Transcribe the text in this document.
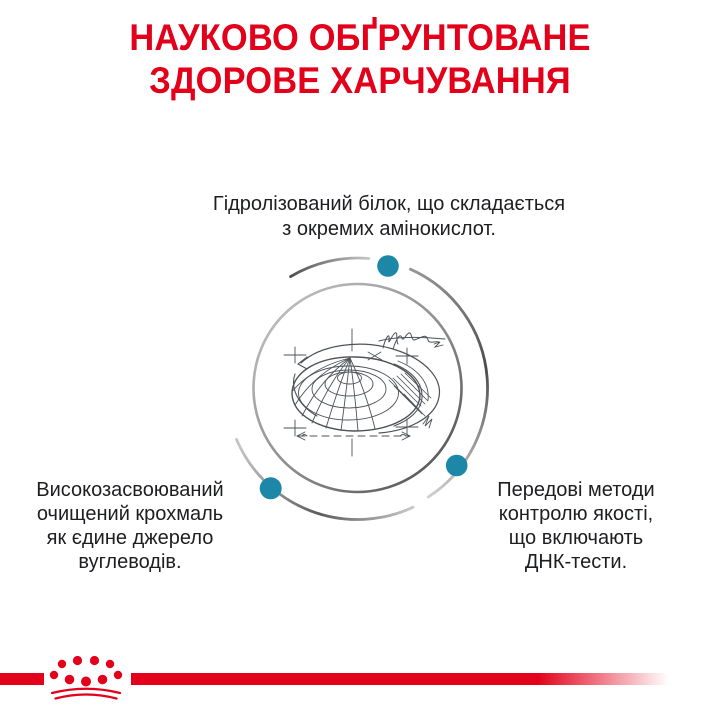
НАУКОВО ОБҐРУНТОВАНЕ
ЗДОРОВЕ ХАРЧУВАННЯ
Гідролізований білок, що складається
з окремих амінокислот.
Високозасвоюваний
очищений крохмаль
як єдине джерело
вуглеводів.
Передові методи
контролю якості,
що включають
ДНК-тести.
